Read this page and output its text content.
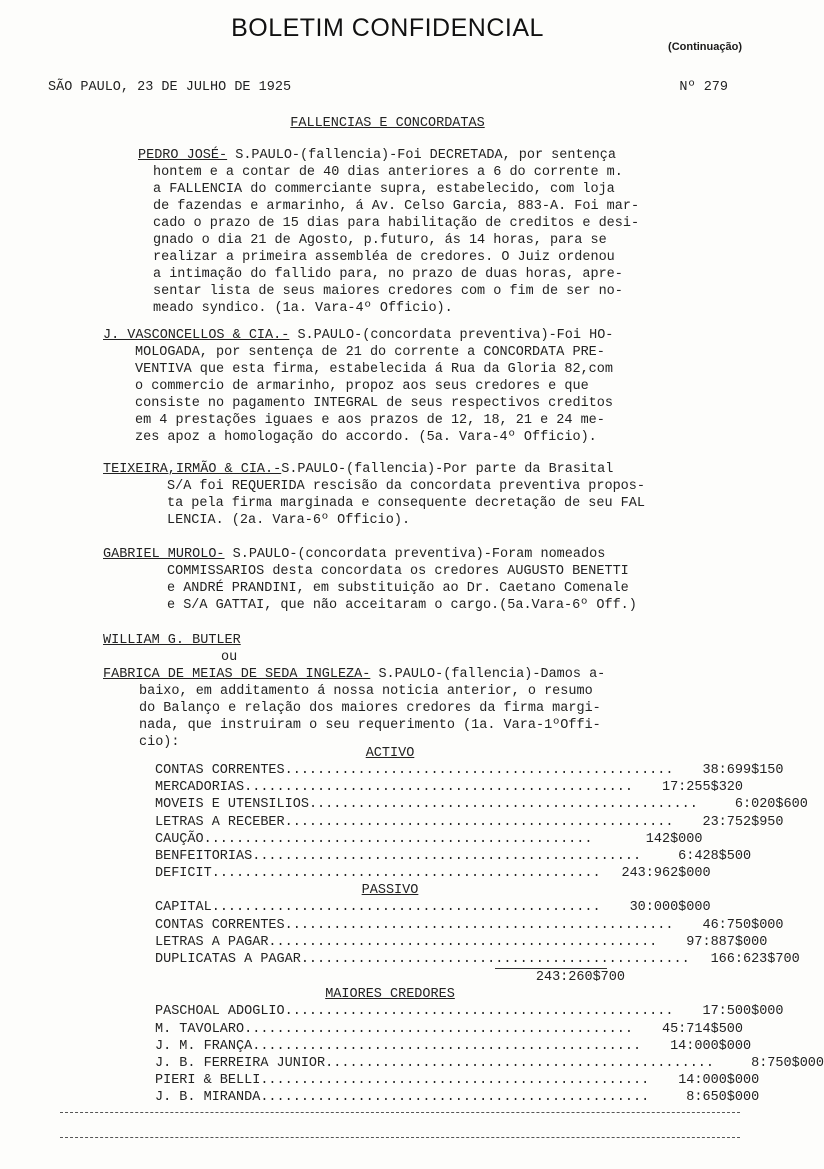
BOLETIM CONFIDENCIAL
(Continuação)
SÃO PAULO, 23 DE JULHO DE 1925	Nº 279
FALLENCIAS E CONCORDATAS

PEDRO JOSÉ- S.PAULO-(fallencia)-Foi DECRETADA, por sentença

hontem e a contar de 40 dias anteriores a 6 do corrente m.

a FALLENCIA do commerciante supra, estabelecido, com loja

de fazendas e armarinho, á Av. Celso Garcia, 883-A. Foi mar-

cado o prazo de 15 dias para habilitação de creditos e desi-

gnado o dia 21 de Agosto, p.futuro, ás 14 horas, para se

realizar a primeira assembléa de credores. O Juiz ordenou

a intimação do fallido para, no prazo de duas horas, apre-

sentar lista de seus maiores credores com o fim de ser no-

meado syndico. (1a. Vara-4º Officio).

J. VASCONCELLOS & CIA.- S.PAULO-(concordata preventiva)-Foi HO-

MOLOGADA, por sentença de 21 do corrente a CONCORDATA PRE-

VENTIVA que esta firma, estabelecida á Rua da Gloria 82,com

o commercio de armarinho, propoz aos seus credores e que

consiste no pagamento INTEGRAL de seus respectivos creditos

em 4 prestações iguaes e aos prazos de 12, 18, 21 e 24 me-

zes apoz a homologação do accordo. (5a. Vara-4º Officio).

TEIXEIRA,IRMÃO & CIA.-S.PAULO-(fallencia)-Por parte da Brasital

S/A foi REQUERIDA rescisão da concordata preventiva propos-

ta pela firma marginada e consequente decretação de seu FAL

LENCIA. (2a. Vara-6º Officio).

GABRIEL MUROLO- S.PAULO-(concordata preventiva)-Foram nomeados

COMMISSARIOS desta concordata os credores AUGUSTO BENETTI

e ANDRÉ PRANDINI, em substituição ao Dr. Caetano Comenale

e S/A GATTAI, que não acceitaram o cargo.(5a.Vara-6º Off.)

WILLIAM G. BUTLER

ou

FABRICA DE MEIAS DE SEDA INGLEZA- S.PAULO-(fallencia)-Damos a-

baixo, em additamento á nossa noticia anterior, o resumo

do Balanço e relação dos maiores credores da firma margi-

nada, que instruiram o seu requerimento (1a. Vara-1ºOffi-

cio):

ACTIVO
CONTAS CORRENTES ................................................	38:699$150
MERCADORIAS ................................................	17:255$320
MOVEIS E UTENSILIOS ................................................	6:020$600
LETRAS A RECEBER ................................................	23:752$950
CAUÇÃO ................................................	142$000
BENFEITORIAS ................................................	6:428$500
DEFICIT ................................................	243:962$000
PASSIVO
CAPITAL ................................................	30:000$000
CONTAS CORRENTES ................................................	46:750$000
LETRAS A PAGAR ................................................	97:887$000
DUPLICATAS A PAGAR ................................................	166:623$700
243:260$700
MAIORES CREDORES
PASCHOAL ADOGLIO ................................................	17:500$000
M. TAVOLARO ................................................	45:714$500
J. M. FRANÇA ................................................	14:000$000
J. B. FERREIRA JUNIOR ................................................	8:750$000
PIERI & BELLI ................................................	14:000$000
J. B. MIRANDA ................................................	8:650$000
